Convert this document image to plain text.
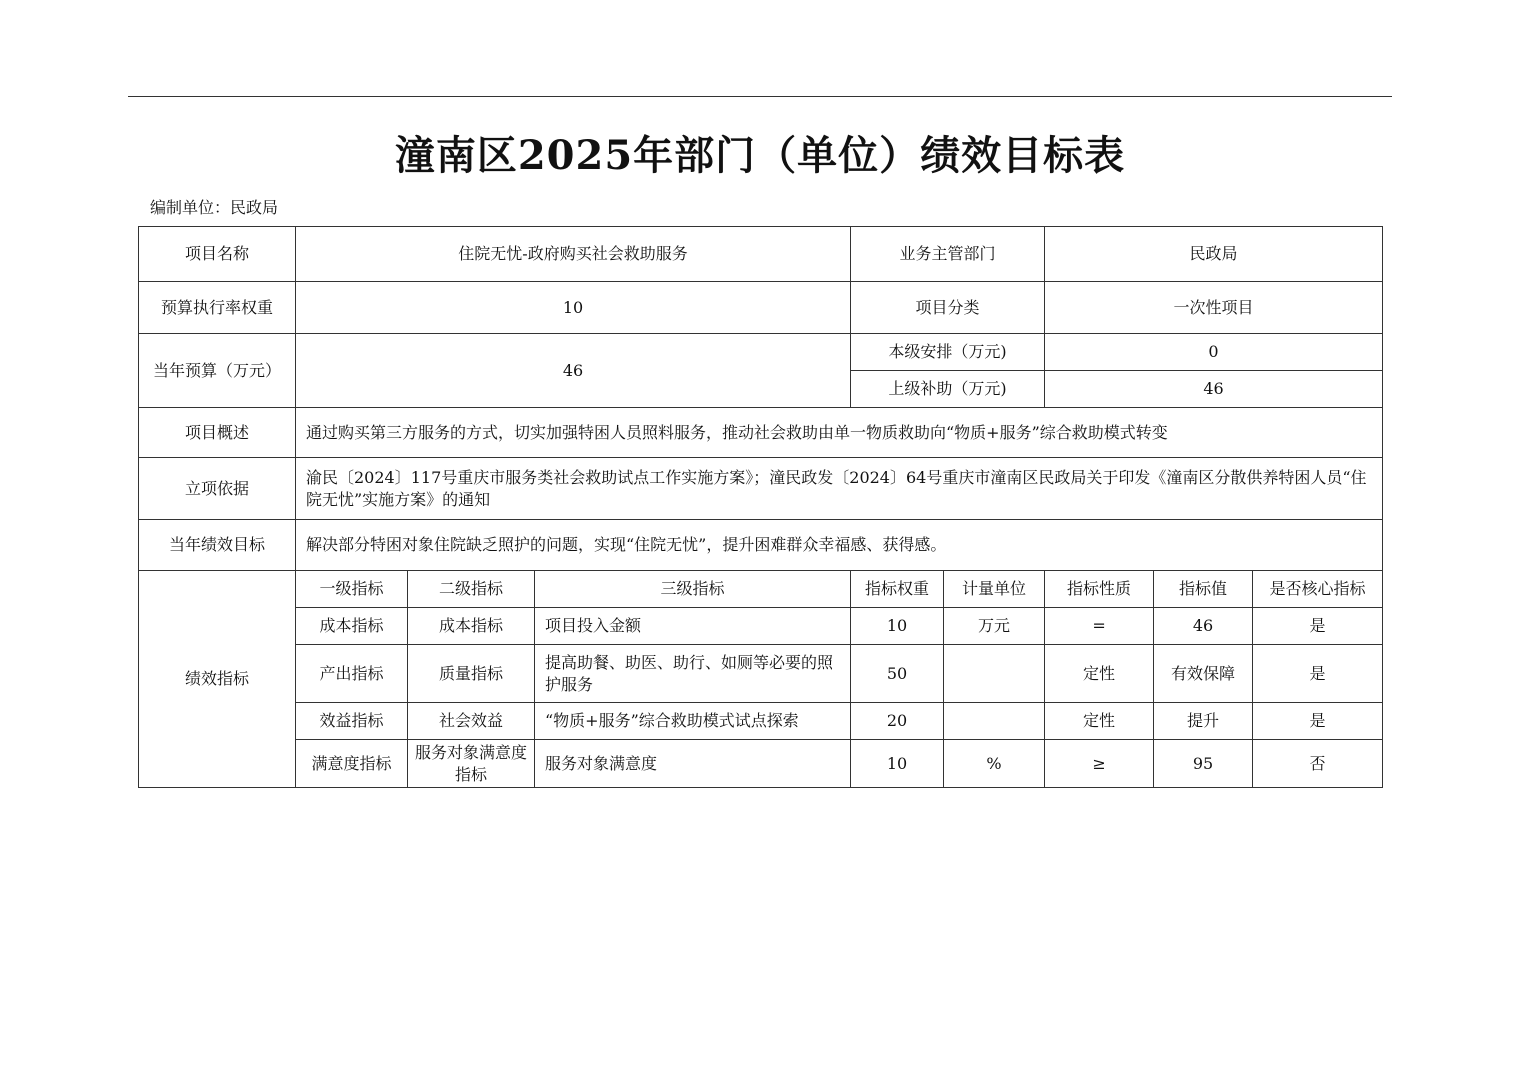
潼南区2025年部门（单位）绩效目标表
编制单位：民政局
项目名称	住院无忧-政府购买社会救助服务			业务主管部门		民政局		
预算执行率权重	10			项目分类		一次性项目		
当年预算（万元）	46			本级安排（万元)		0		
				上级补助（万元)		46		
项目概述	通过购买第三方服务的方式，切实加强特困人员照料服务，推动社会救助由单一物质救助向“物质+服务”综合救助模式转变							
立项依据	渝民〔2024〕117号重庆市服务类社会救助试点工作实施方案》；潼民政发〔2024〕64号重庆市潼南区民政局关于印发《潼南区分散供养特困人员“住院无忧”实施方案》的通知							
当年绩效目标	解决部分特困对象住院缺乏照护的问题，实现“住院无忧”，提升困难群众幸福感、获得感。							
绩效指标	一级指标	二级指标	三级指标	指标权重	计量单位	指标性质	指标值	是否核心指标
	成本指标	成本指标	项目投入金额	10	万元	=	46	是
	产出指标	质量指标	提高助餐、助医、助行、如厕等必要的照护服务	50		定性	有效保障	是
	效益指标	社会效益	“物质+服务”综合救助模式试点探索	20		定性	提升	是
	满意度指标	服务对象满意度指标	服务对象满意度	10	%	≥	95	否
